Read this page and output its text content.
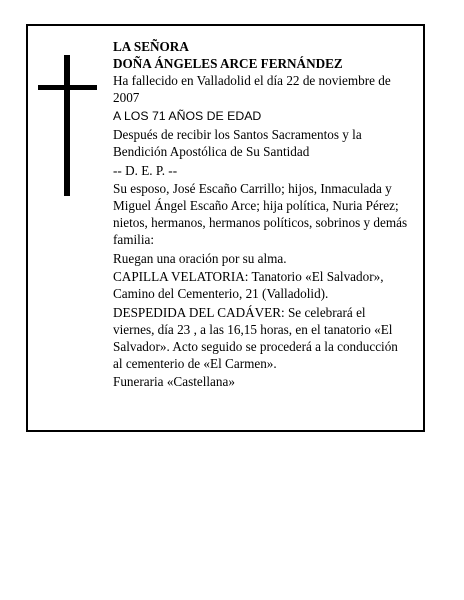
LA SEÑORA

DOÑA ÁNGELES ARCE FERNÁNDEZ

Ha fallecido en Valladolid el día 22 de noviembre de 2007

A LOS 71 AÑOS DE EDAD

Después de recibir los Santos Sacramentos y la Bendición Apostólica de Su Santidad

-- D. E. P. --

Su esposo, José Escaño Carrillo; hijos, Inmaculada y Miguel Ángel Escaño Arce; hija política, Nuria Pérez; nietos, hermanos, hermanos políticos, sobrinos y demás familia:

Ruegan una oración por su alma.

CAPILLA VELATORIA: Tanatorio «El Salvador», Camino del Cementerio, 21 (Valladolid).

DESPEDIDA DEL CADÁVER: Se celebrará el viernes, día 23 , a las 16,15 horas, en el tanatorio «El Salvador». Acto seguido se procederá a la conducción al cementerio de «El Carmen».

Funeraria «Castellana»
